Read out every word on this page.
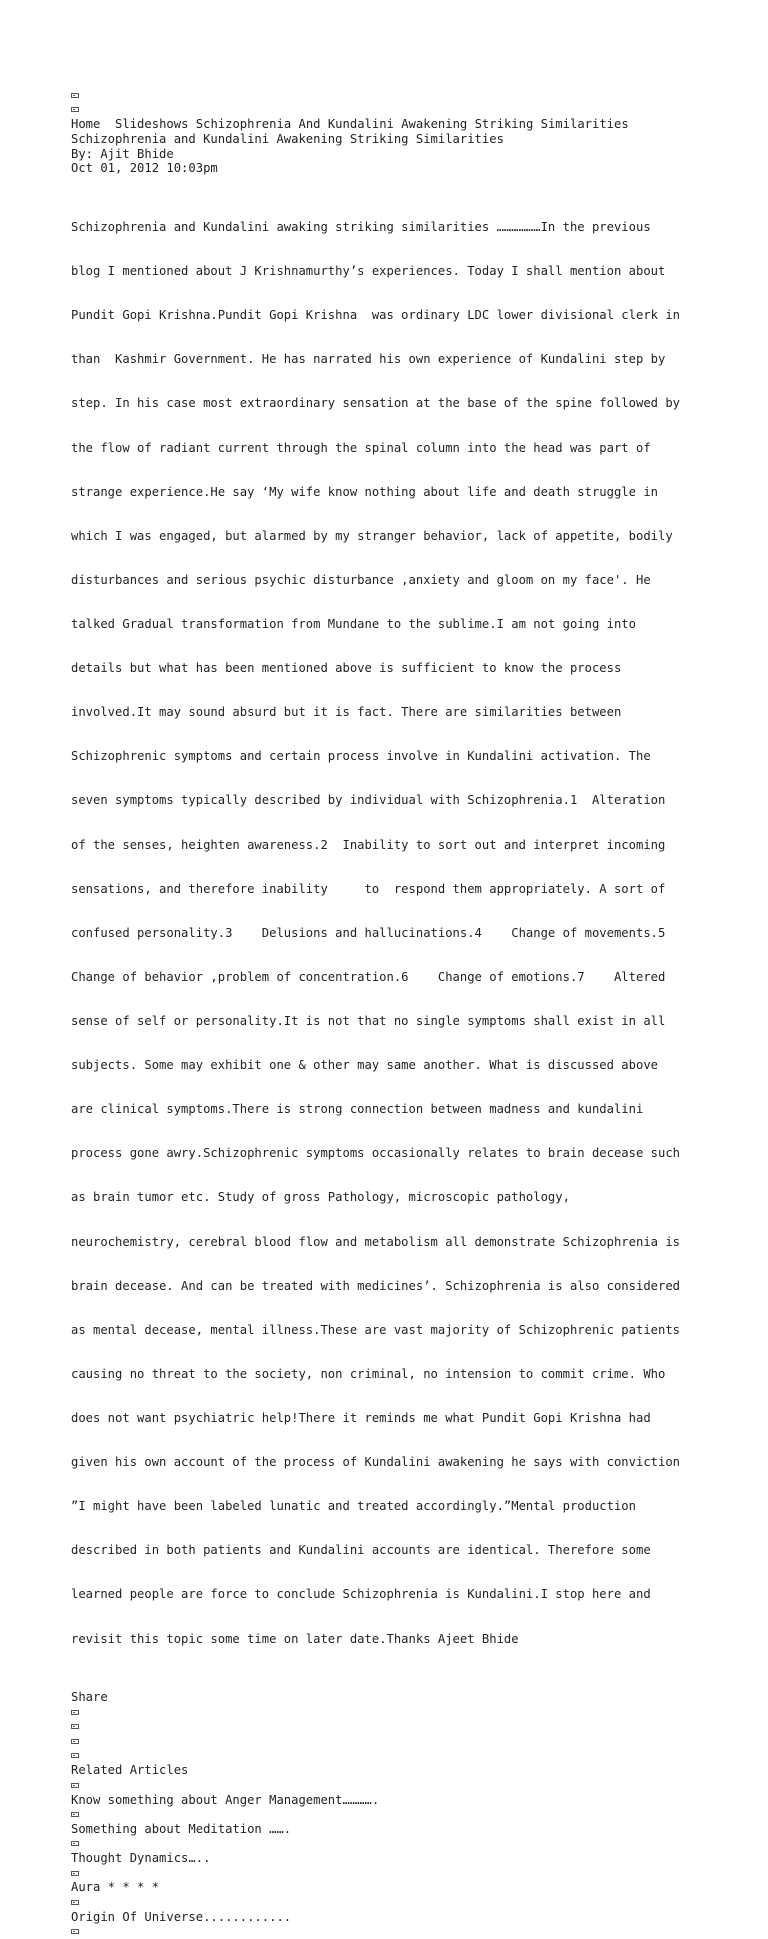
Home Slideshows Schizophrenia And Kundalini Awakening Striking Similarities
Schizophrenia and Kundalini Awakening Striking Similarities
By: Ajit Bhide
Oct 01, 2012 10:03pm

Schizophrenia and Kundalini awaking striking similarities ………………In the previous

blog I mentioned about J Krishnamurthy’s experiences. Today I shall mention about

Pundit Gopi Krishna.Pundit Gopi Krishna  was ordinary LDC lower divisional clerk in

than  Kashmir Government. He has narrated his own experience of Kundalini step by

step. In his case most extraordinary sensation at the base of the spine followed by

the flow of radiant current through the spinal column into the head was part of

strange experience.He say ‘My wife know nothing about life and death struggle in

which I was engaged, but alarmed by my stranger behavior, lack of appetite, bodily

disturbances and serious psychic disturbance ,anxiety and gloom on my face'. He

talked Gradual transformation from Mundane to the sublime.I am not going into

details but what has been mentioned above is sufficient to know the process

involved.It may sound absurd but it is fact. There are similarities between

Schizophrenic symptoms and certain process involve in Kundalini activation. The

seven symptoms typically described by individual with Schizophrenia.1  Alteration

of the senses, heighten awareness.2  Inability to sort out and interpret incoming

sensations, and therefore inability     to  respond them appropriately. A sort of

confused personality.3    Delusions and hallucinations.4    Change of movements.5

Change of behavior ,problem of concentration.6    Change of emotions.7    Altered

sense of self or personality.It is not that no single symptoms shall exist in all

subjects. Some may exhibit one & other may same another. What is discussed above

are clinical symptoms.There is strong connection between madness and kundalini

process gone awry.Schizophrenic symptoms occasionally relates to brain decease such

as brain tumor etc. Study of gross Pathology, microscopic pathology,

neurochemistry, cerebral blood flow and metabolism all demonstrate Schizophrenia is

brain decease. And can be treated with medicines’. Schizophrenia is also considered

as mental decease, mental illness.These are vast majority of Schizophrenic patients

causing no threat to the society, non criminal, no intension to commit crime. Who

does not want psychiatric help!There it reminds me what Pundit Gopi Krishna had

given his own account of the process of Kundalini awakening he says with conviction

”I might have been labeled lunatic and treated accordingly.”Mental production

described in both patients and Kundalini accounts are identical. Therefore some

learned people are force to conclude Schizophrenia is Kundalini.I stop here and

revisit this topic some time on later date.Thanks Ajeet Bhide

Share
Related Articles
Know something about Anger Management………….
Something about Meditation …….
Thought Dynamics…..
Aura * * * *
Origin Of Universe............
